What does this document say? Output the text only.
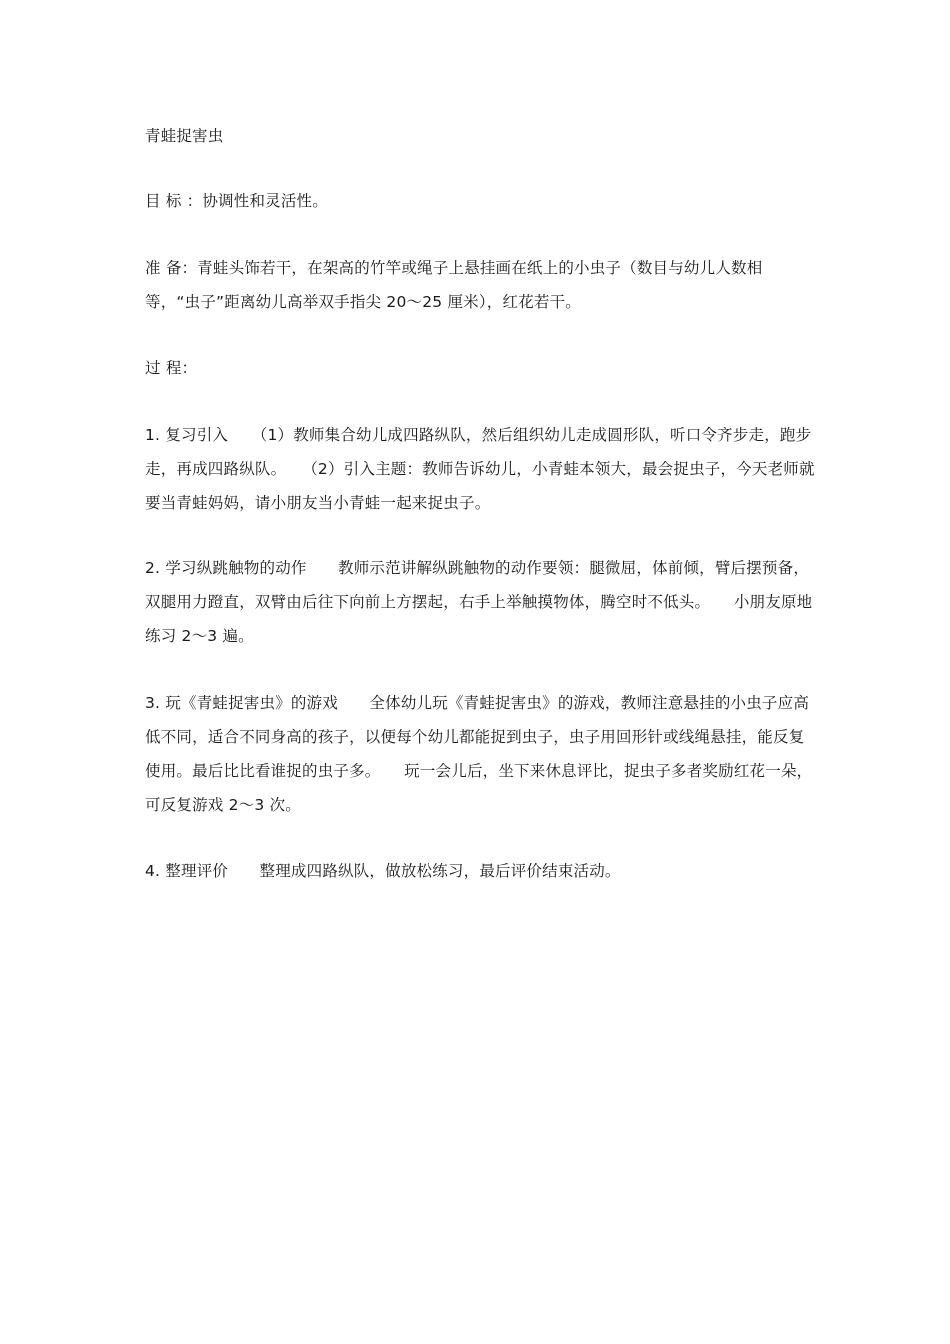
青蛙捉害虫
目 标 ：协调性和灵活性。
准 备：青蛙头饰若干，在架高的竹竿或绳子上悬挂画在纸上的小虫子（数目与幼儿人数相等，“虫子”距离幼儿高举双手指尖 20～25 厘米），红花若干。
过 程：
1. 复习引入　　（1）教师集合幼儿成四路纵队，然后组织幼儿走成圆形队，听口令齐步走，跑步走，再成四路纵队。　　（2）引入主题：教师告诉幼儿，小青蛙本领大，最会捉虫子，今天老师就要当青蛙妈妈，请小朋友当小青蛙一起来捉虫子。
2. 学习纵跳触物的动作　　教师示范讲解纵跳触物的动作要领：腿微屈，体前倾，臂后摆预备，双腿用力蹬直，双臂由后往下向前上方摆起，右手上举触摸物体，腾空时不低头。　　小朋友原地练习 2～3 遍。
3. 玩《青蛙捉害虫》的游戏　　全体幼儿玩《青蛙捉害虫》的游戏，教师注意悬挂的小虫子应高低不同，适合不同身高的孩子，以便每个幼儿都能捉到虫子，虫子用回形针或线绳悬挂，能反复使用。最后比比看谁捉的虫子多。　　玩一会儿后，坐下来休息评比，捉虫子多者奖励红花一朵，可反复游戏 2～3 次。
4. 整理评价　　整理成四路纵队，做放松练习，最后评价结束活动。
